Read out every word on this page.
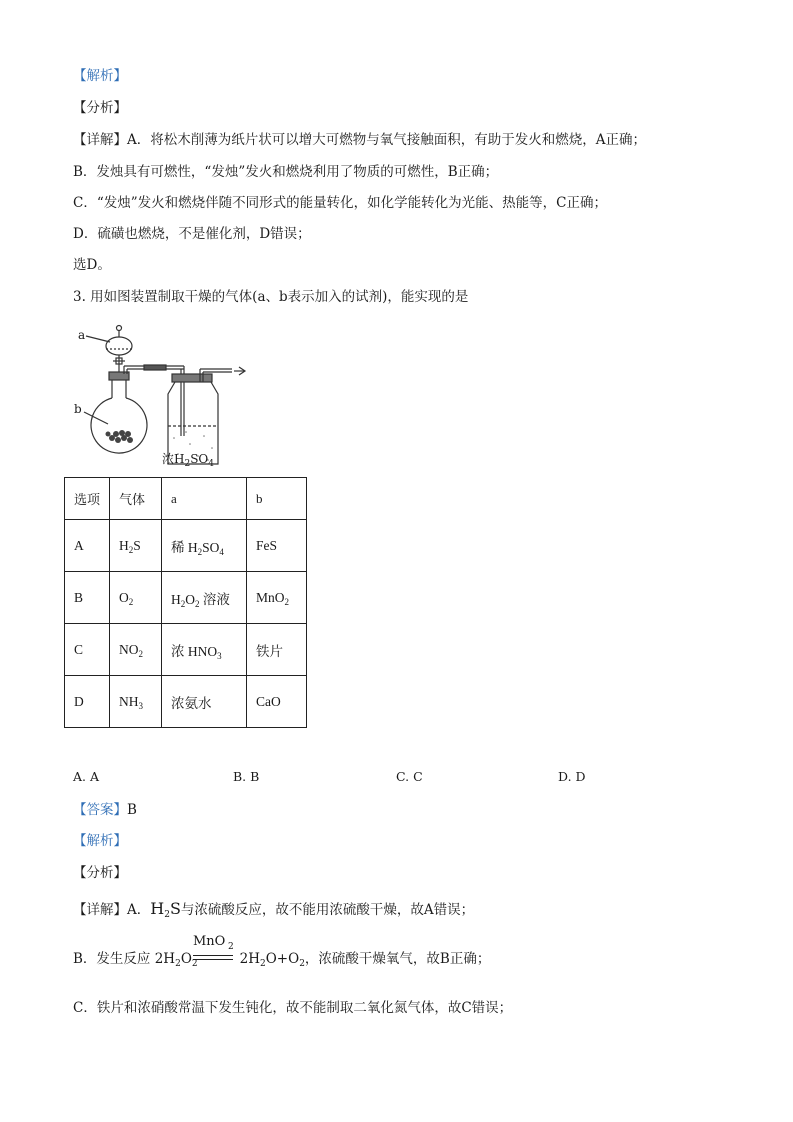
【解析】
【分析】
【详解】A．将松木削薄为纸片状可以增大可燃物与氧气接触面积，有助于发火和燃烧，A正确；
B．发烛具有可燃性，“发烛”发火和燃烧利用了物质的可燃性，B正确；
C．“发烛”发火和燃烧伴随不同形式的能量转化，如化学能转化为光能、热能等，C正确；
D．硫磺也燃烧，不是催化剂，D错误；
选D。
3. 用如图装置制取干燥的气体(a、b表示加入的试剂)，能实现的是
a
b
浓$H_2SO_4$
选项	气体	a	b
A	$H_2S$	稀 $H_2SO_4$	FeS
B	$O_2$	$H_2O_2$ 溶液	MnO$_2$
C	$NO_2$	浓 $HNO_3$	铁片
D	$NH_3$	浓氨水	CaO
A. A	B. B	C. C	D. D
【答案】B
【解析】
【分析】
【详解】A．$H_2S$与浓硫酸反应，故不能用浓硫酸干燥，故A错误；
MnO 2
B．发生反应 $2H_2O_2$	$2H_2O+O_2$，浓硫酸干燥氧气，故B正确；
C．铁片和浓硝酸常温下发生钝化，故不能制取二氧化氮气体，故C错误；
